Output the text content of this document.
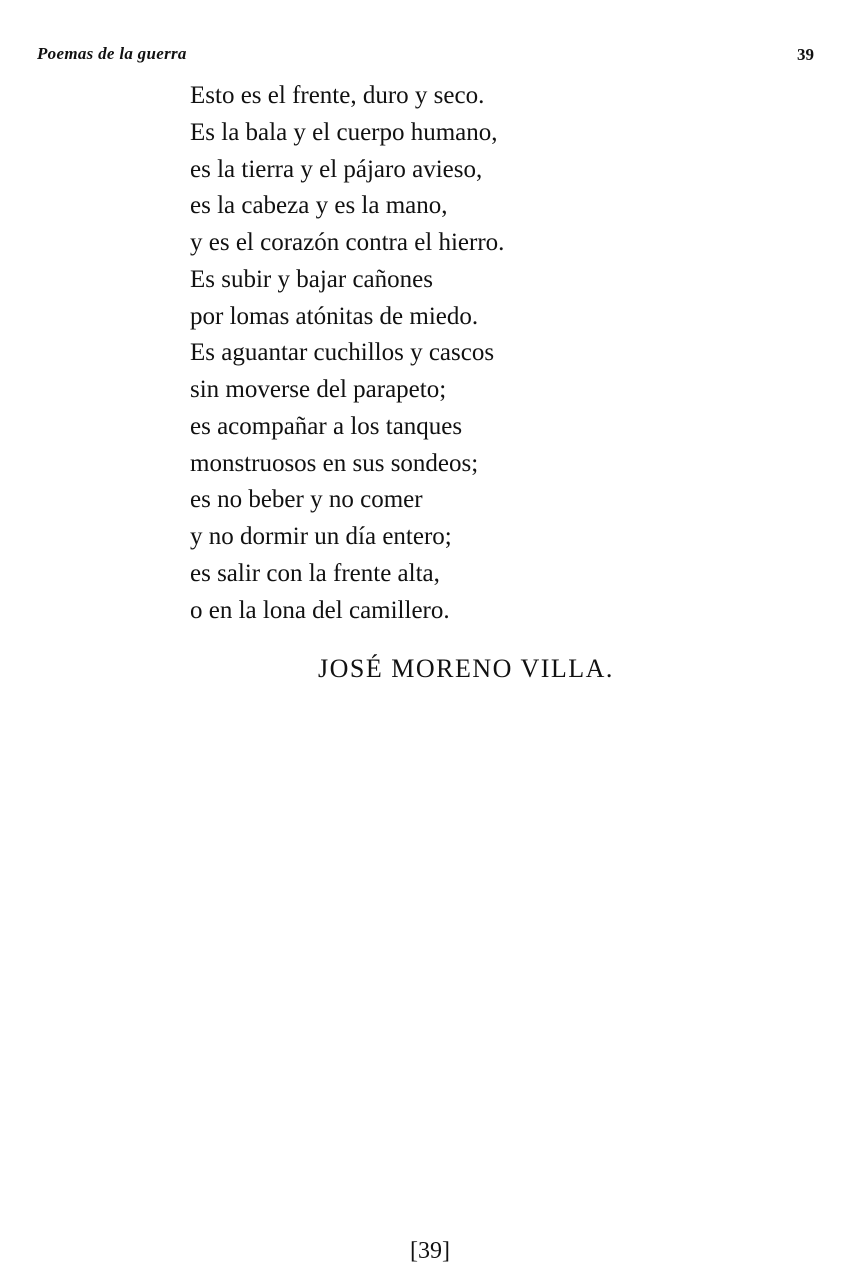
Poemas de la guerra	39
Esto es el frente, duro y seco.
Es la bala y el cuerpo humano,
es la tierra y el pájaro avieso,
es la cabeza y es la mano,
y es el corazón contra el hierro.
Es subir y bajar cañones
por lomas atónitas de miedo.
Es aguantar cuchillos y cascos
sin moverse del parapeto;
es acompañar a los tanques
monstruosos en sus sondeos;
es no beber y no comer
y no dormir un día entero;
es salir con la frente alta,
o en la lona del camillero.
JOSÉ MORENO VILLA.
[39]
